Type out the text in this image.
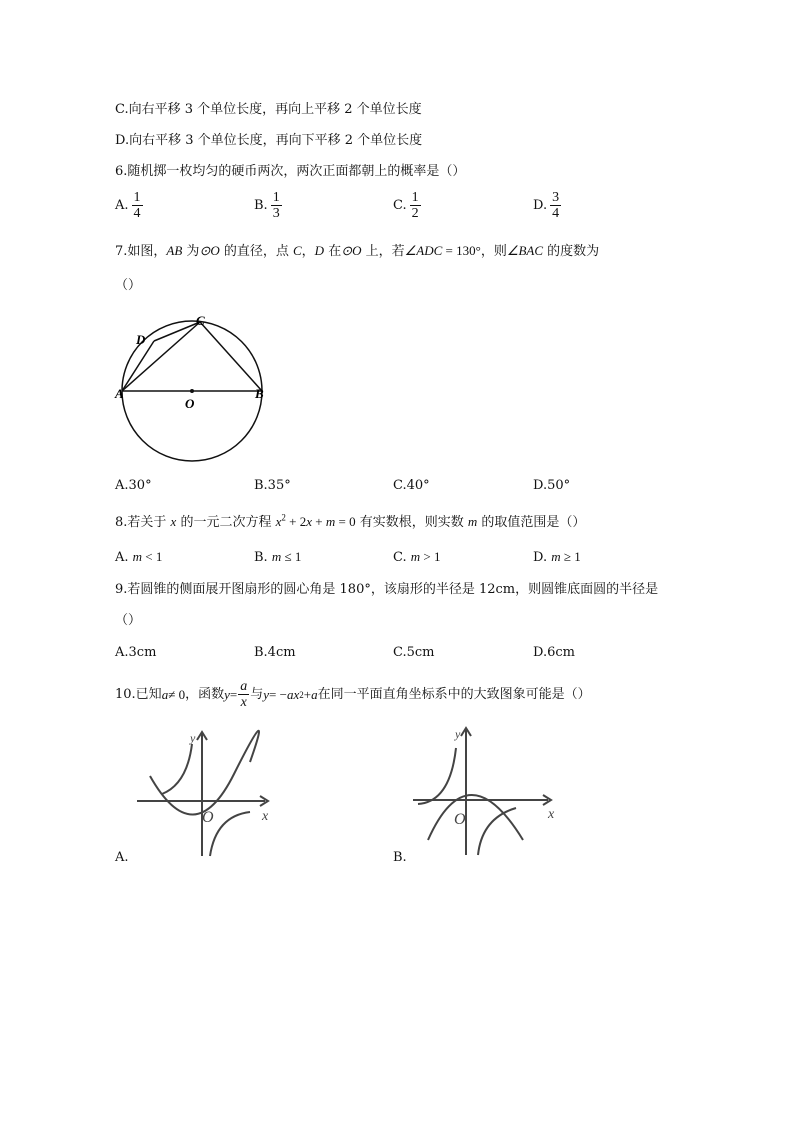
C.向右平移 3 个单位长度，再向上平移 2 个单位长度
D.向右平移 3 个单位长度，再向下平移 2 个单位长度
6.随机掷一枚均匀的硬币两次，两次正面都朝上的概率是（）
A. $\frac{1}{4}$	B. $\frac{1}{3}$	C. $\frac{1}{2}$	D. $\frac{3}{4}$
7.如图，AB 为⊙O 的直径，点 C，D 在⊙O 上，若∠ADC = 130°，则∠BAC 的度数为
（）
A	B
C
D
O
A.30°	B.35°	C.40°	D.50°
8.若关于 x 的一元二次方程 $x^2 + 2x + m = 0$ 有实数根，则实数 m 的取值范围是（）
A. m < 1	B. m ≤ 1	C. m > 1	D. m ≥ 1
9.若圆锥的侧面展开图扇形的圆心角是 180°，该扇形的半径是 12cm，则圆锥底面圆的半径是
（）
A.3cm	B.4cm	C.5cm	D.6cm
10.已知 a ≠ 0 ，函数 $y = \frac{a}{x}$ 与 y = − ax 2 + a 在同一平面直角坐标系中的大致图象可能是（）
y
x
O
A.
y
x
O
B.
